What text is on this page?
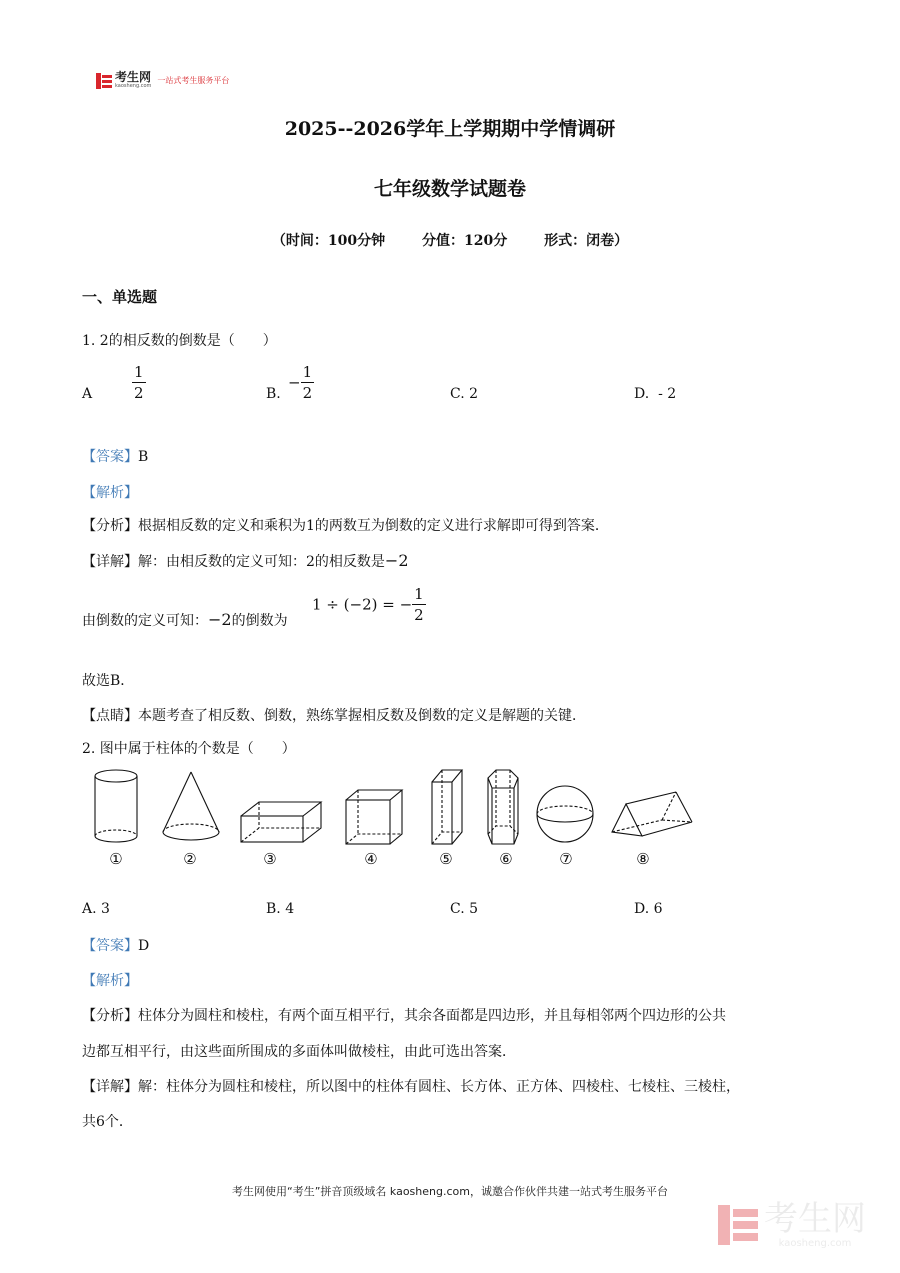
考生网
kaosheng.com
一站式考生服务平台
2025--2026学年上学期期中学情调研
七年级数学试题卷
（时间：100分钟	分值：120分	形式：闭卷）
一、单选题
1. 2的相反数的倒数是（　　）
A	$\frac{1}{2}$	B.
− $\frac{1}{2}$	C. 2	D. - 2
【答案】B
【解析】
【分析】根据相反数的定义和乘积为1的两数互为倒数的定义进行求解即可得到答案．
【详解】解：由相反数的定义可知：2的相反数是−2
由倒数的定义可知：−2的倒数为
1 ÷ (−2) = − $\frac{1}{2}$
故选B．
【点睛】本题考查了相反数、倒数，熟练掌握相反数及倒数的定义是解题的关键．
2. 图中属于柱体的个数是（　　）
①	②	③	④	⑤	⑥	⑦	⑧
A. 3	B. 4	C. 5	D. 6
【答案】D
【解析】
【分析】柱体分为圆柱和棱柱，有两个面互相平行，其余各面都是四边形，并且每相邻两个四边形的公共
边都互相平行，由这些面所围成的多面体叫做棱柱，由此可选出答案．
【详解】解：柱体分为圆柱和棱柱，所以图中的柱体有圆柱、长方体、正方体、四棱柱、七棱柱、三棱柱，
共6个．
考生网使用“考生”拼音顶级域名 kaosheng.com，诚邀合作伙伴共建一站式考生服务平台
考生网
kaosheng.com
